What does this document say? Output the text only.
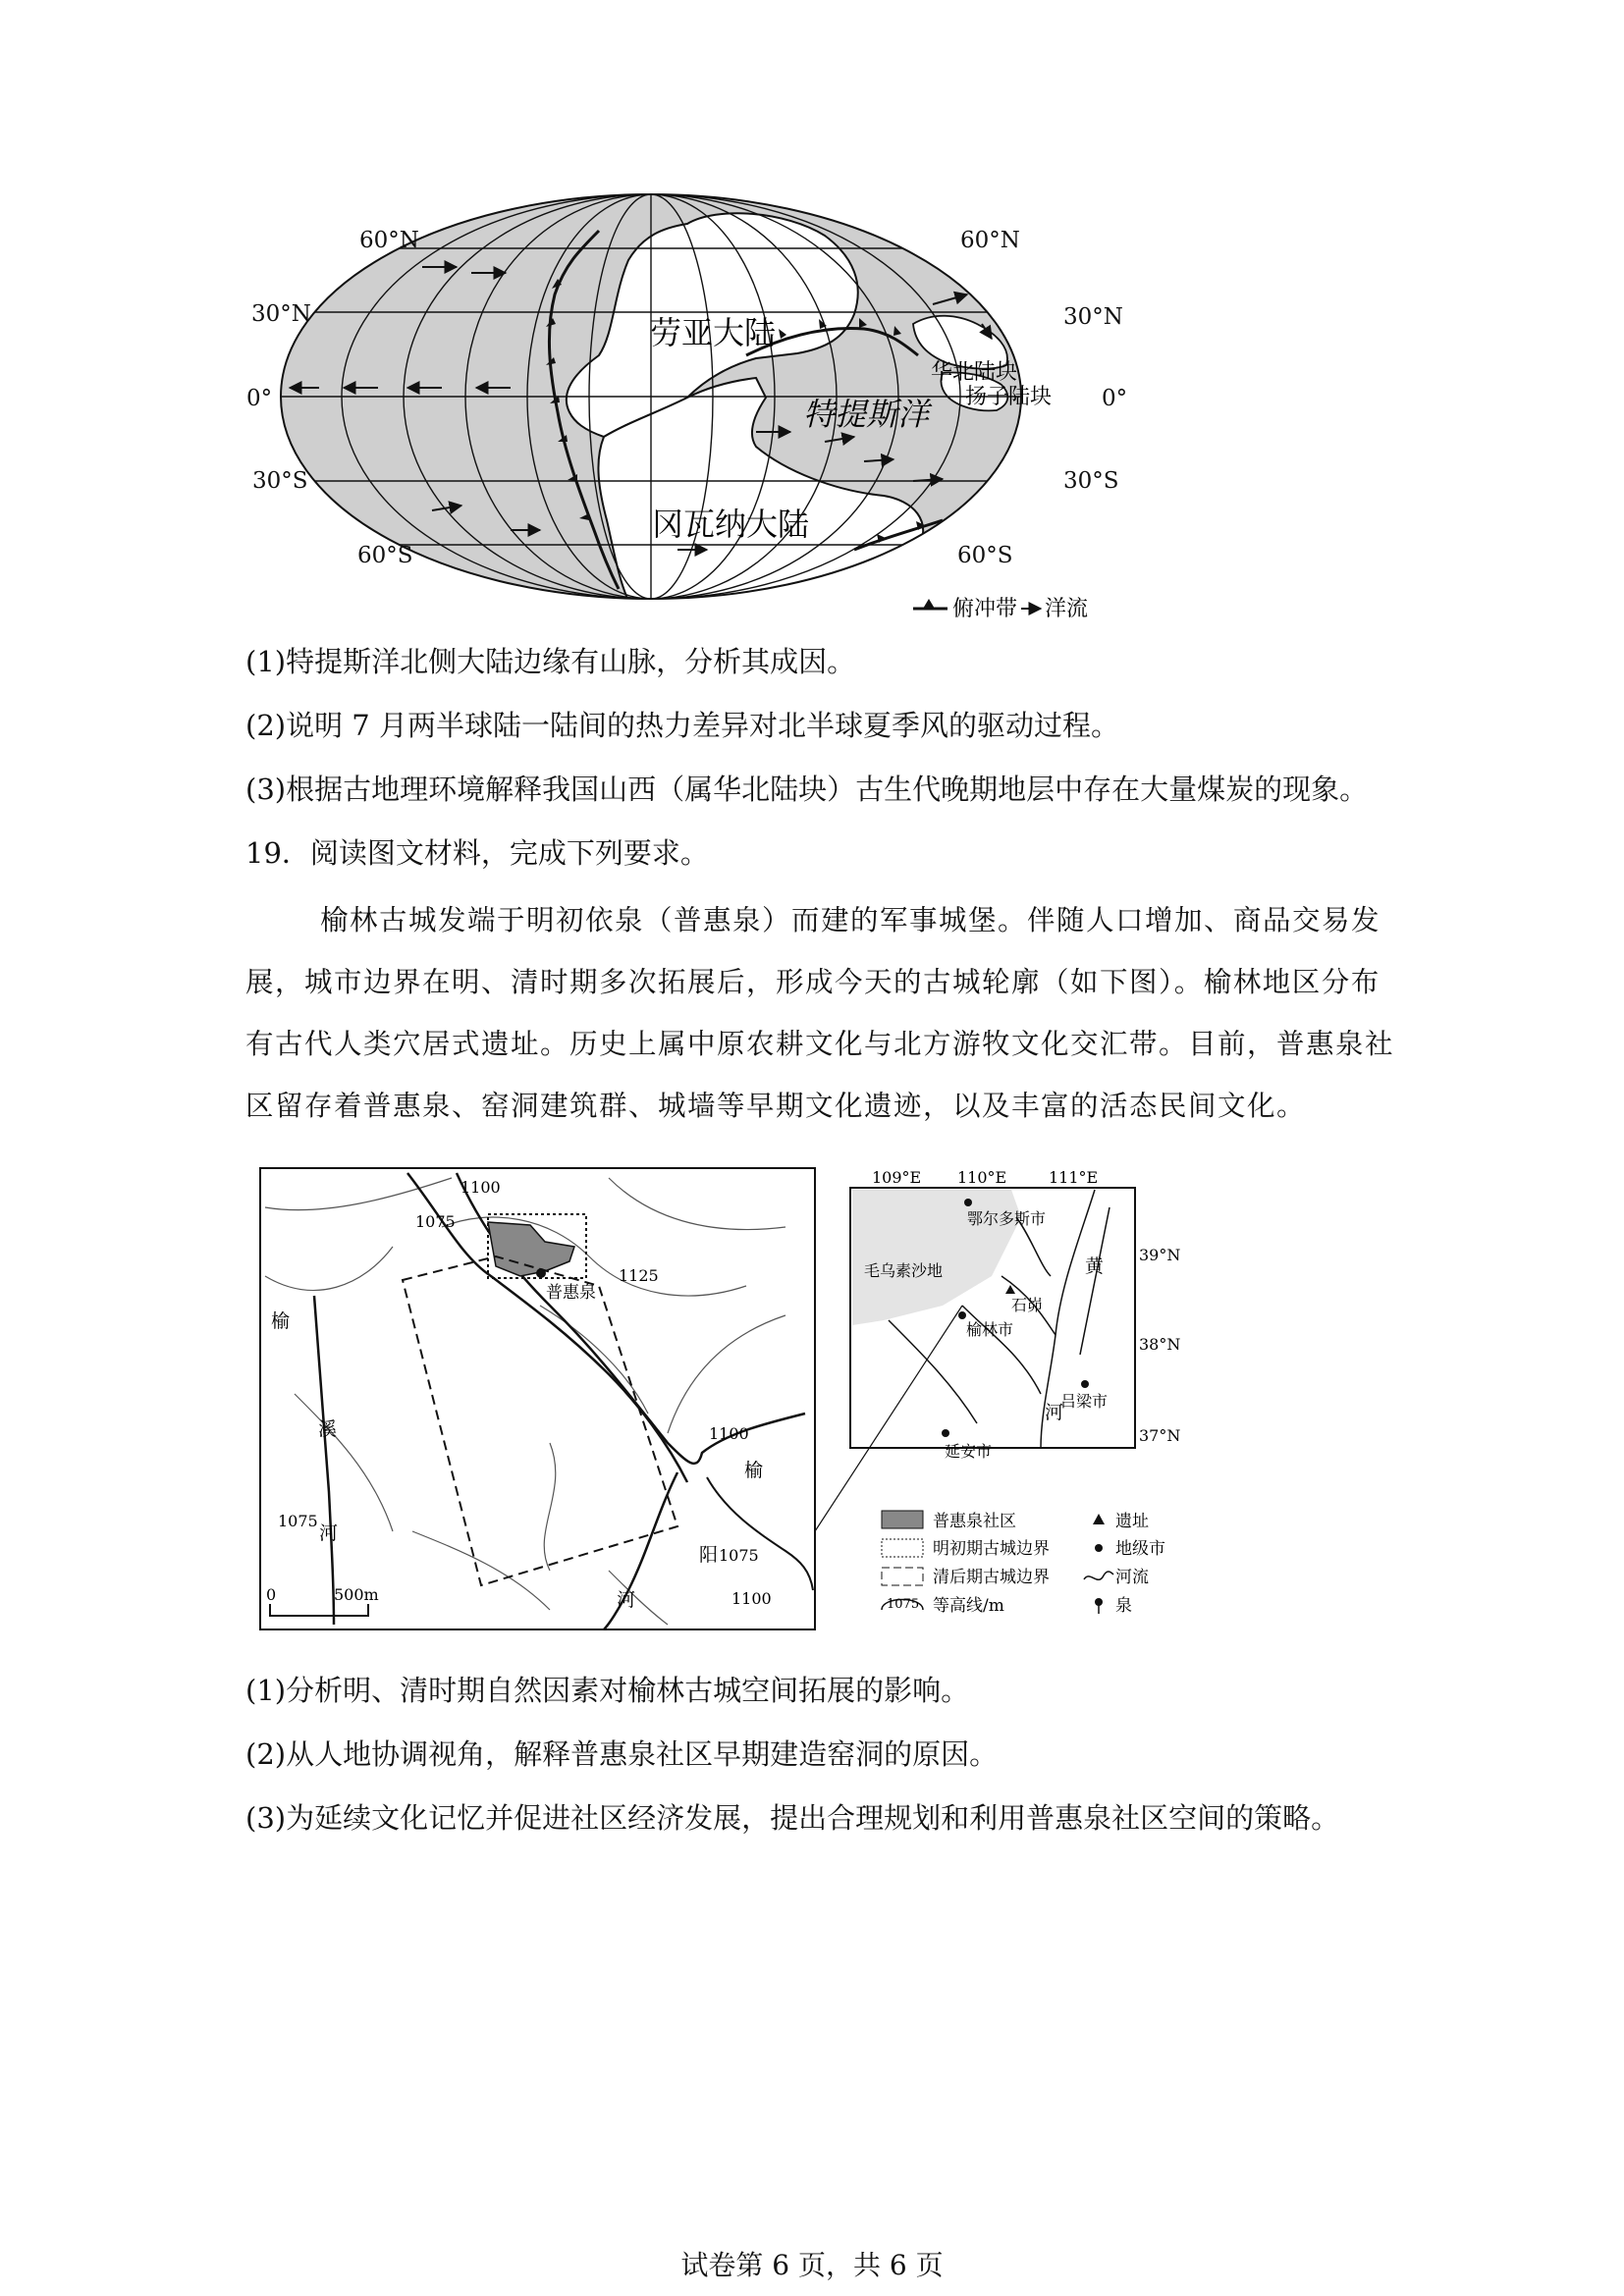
60°N	60°N
30°N	30°N
0°	0°
30°S	30°S
60°S	60°S
劳亚大陆
冈瓦纳大陆
特提斯洋
华北陆块
扬子陆块
俯冲带 洋流
(1)特提斯洋北侧大陆边缘有山脉，分析其成因。
(2)说明 7 月两半球陆一陆间的热力差异对北半球夏季风的驱动过程。
(3)根据古地理环境解释我国山西（属华北陆块）古生代晚期地层中存在大量煤炭的现象。
19．阅读图文材料，完成下列要求。
榆林古城发端于明初依泉（普惠泉）而建的军事城堡。伴随人口增加、商品交易发展，城市边界在明、清时期多次拓展后，形成今天的古城轮廓（如下图）。榆林地区分布有古代人类穴居式遗址。历史上属中原农耕文化与北方游牧文化交汇带。目前，普惠泉社区留存着普惠泉、窑洞建筑群、城墙等早期文化遗迹，以及丰富的活态民间文化。
普惠泉
1100
1075
1125
1100
1075
1100
1075
榆
溪
河
榆
阳
河
0	500m
109°E 110°E	111°E
39°N
38°N
37°N
鄂尔多斯市
毛乌素沙地
石峁
榆林市
吕梁市
延安市
黄
河
普惠泉社区
明初期古城边界
清后期古城边界
1075 等高线/m
遗址
地级市
河流
泉
(1)分析明、清时期自然因素对榆林古城空间拓展的影响。
(2)从人地协调视角，解释普惠泉社区早期建造窑洞的原因。
(3)为延续文化记忆并促进社区经济发展，提出合理规划和利用普惠泉社区空间的策略。
试卷第 6 页，共 6 页
